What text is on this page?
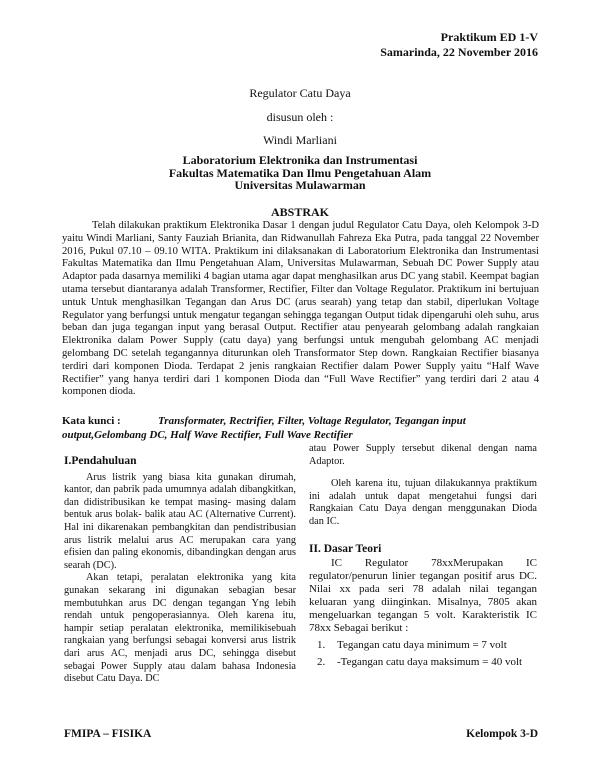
Praktikum ED 1-V
Samarinda, 22 November 2016
Regulator Catu Daya
disusun oleh :
Windi Marliani
Laboratorium Elektronika dan Instrumentasi
Fakultas Matematika Dan Ilmu Pengetahuan Alam
Universitas Mulawarman
ABSTRAK
Telah dilakukan praktikum Elektronika Dasar 1 dengan judul Regulator Catu Daya, oleh Kelompok 3-D yaitu Windi Marliani, Santy Fauziah Brianita, dan Ridwanullah Fahreza Eka Putra, pada tanggal 22 November 2016, Pukul 07.10 – 09.10 WITA. Praktikum ini dilaksanakan di Laboratorium Elektronika dan Instrumentasi Fakultas Matematika dan Ilmu Pengetahuan Alam, Universitas Mulawarman, Sebuah DC Power Supply atau Adaptor pada dasarnya memiliki 4 bagian utama agar dapat menghasilkan arus DC yang stabil. Keempat bagian utama tersebut diantaranya adalah Transformer, Rectifier, Filter dan Voltage Regulator. Praktikum ini bertujuan untuk Untuk menghasilkan Tegangan dan Arus DC (arus searah) yang tetap dan stabil, diperlukan Voltage Regulator yang berfungsi untuk mengatur tegangan sehingga tegangan Output tidak dipengaruhi oleh suhu, arus beban dan juga tegangan input yang berasal Output. Rectifier atau penyearah gelombang adalah rangkaian Elektronika dalam Power Supply (catu daya) yang berfungsi untuk mengubah gelombang AC menjadi gelombang DC setelah tegangannya diturunkan oleh Transformator Step down. Rangkaian Rectifier biasanya terdiri dari komponen Dioda. Terdapat 2 jenis rangkaian Rectifier dalam Power Supply yaitu “Half Wave Rectifier” yang hanya terdiri dari 1 komponen Dioda dan “Full Wave Rectifier” yang terdiri dari 2 atau 4 komponen dioda.
Kata kunci :	Transformater, Rectrifier, Filter, Voltage Regulator, Tegangan input output,Gelombang DC, Half Wave Rectifier, Full Wave Rectifier
I.Pendahuluan

Arus listrik yang biasa kita gunakan dirumah, kantor, dan pabrik pada umumnya adalah dibangkitkan, dan didistribusikan ke tempat masing- masing dalam bentuk arus bolak- balik atau AC (Alternative Current). Hal ini dikarenakan pembangkitan dan pendistribusian arus listrik melalui arus AC merupakan cara yang efisien dan paling ekonomis, dibandingkan dengan arus searah (DC).

Akan tetapi, peralatan elektronika yang kita gunakan sekarang ini digunakan sebagian besar membutuhkan arus DC dengan tegangan Yng lebih rendah untuk pengoperasiannya. Oleh karena itu, hampir setiap peralatan elektronika, memilikisebuah rangkaian yang berfungsi sebagai konversi arus listrik dari arus AC, menjadi arus DC, sehingga disebut sebagai Power Supply atau dalam bahasa Indonesia disebut Catu Daya. DC

atau Power Supply tersebut dikenal dengan nama Adaptor.

Oleh karena itu, tujuan dilakukannya praktikum ini adalah untuk dapat mengetahui fungsi dari Rangkaian Catu Daya dengan menggunakan Dioda dan IC.

II. Dasar Teori

IC Regulator 78xxMerupakan IC regulator/penurun linier tegangan positif arus DC. Nilai xx pada seri 78 adalah nilai tegangan keluaran yang diinginkan. Misalnya, 7805 akan mengeluarkan tegangan 5 volt. Karakteristik IC 78xx Sebagai berikut :

1. Tegangan catu daya minimum = 7 volt
2. -Tegangan catu daya maksimum = 40 volt
FMIPA – FISIKA	Kelompok 3-D
